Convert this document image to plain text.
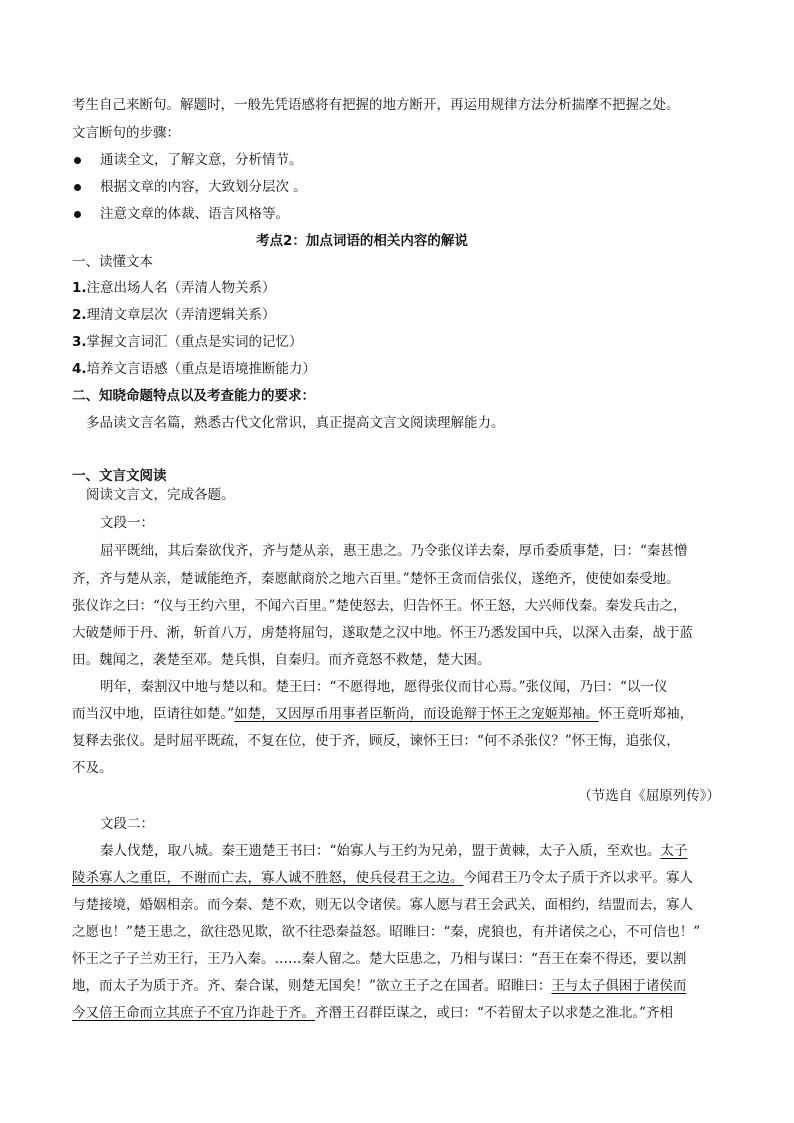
考生自己来断句。解题时，一般先凭语感将有把握的地方断开，再运用规律方法分析揣摩不把握之处。
文言断句的步骤：
通读全文，了解文意，分析情节。
根据文章的内容，大致划分层次 。
注意文章的体裁、语言风格等。
考点2：加点词语的相关内容的解说
一、读懂文本
1.注意出场人名（弄清人物关系）
2.理清文章层次（弄清逻辑关系）
3.掌握文言词汇（重点是实词的记忆）
4.培养文言语感（重点是语境推断能力）
二、知晓命题特点以及考查能力的要求：
多品读文言名篇，熟悉古代文化常识，真正提高文言文阅读理解能力。
一、文言文阅读
阅读文言文，完成各题。
文段一：
屈平既绌，其后秦欲伐齐，齐与楚从亲，惠王患之。乃令张仪详去秦，厚币委质事楚，曰：“秦甚憎
齐，齐与楚从亲，楚诚能绝齐，秦愿献商於之地六百里。”楚怀王贪而信张仪，遂绝齐，使使如秦受地。
张仪诈之曰：“仪与王约六里，不闻六百里。”楚使怒去，归告怀王。怀王怒，大兴师伐秦。秦发兵击之，
大破楚师于丹、淅，斩首八万，虏楚将屈匄，遂取楚之汉中地。怀王乃悉发国中兵，以深入击秦，战于蓝
田。魏闻之，袭楚至邓。楚兵惧，自秦归。而齐竟怒不救楚，楚大困。
明年，秦割汉中地与楚以和。楚王曰：“不愿得地，愿得张仪而甘心焉。”张仪闻，乃曰：“以一仪
而当汉中地，臣请往如楚。”如楚，又因厚币用事者臣靳尚，而设诡辩于怀王之宠姬郑袖。怀王竟听郑袖，
复释去张仪。是时屈平既疏，不复在位，使于齐，顾反，谏怀王曰：“何不杀张仪？”怀王悔，追张仪，
不及。
（节选自《屈原列传》）
文段二：
秦人伐楚，取八城。秦王遗楚王书曰：“始寡人与王约为兄弟，盟于黄棘，太子入质，至欢也。太子
陵杀寡人之重臣，不谢而亡去，寡人诚不胜怒，使兵侵君王之边。今闻君王乃令太子质于齐以求平。寡人
与楚接境，婚姻相亲。而今秦、楚不欢，则无以令诸侯。寡人愿与君王会武关，面相约，结盟而去，寡人
之愿也！”楚王患之，欲往恐见欺，欲不往恐秦益怒。昭睢曰：“秦，虎狼也，有并诸侯之心，不可信也！”
怀王之子子兰劝王行，王乃入秦。……秦人留之。楚大臣患之，乃相与谋曰：“吾王在秦不得还，要以割
地，而太子为质于齐。齐、秦合谋，则楚无国矣！”欲立王子之在国者。昭睢曰：王与太子俱困于诸侯而
今又倍王命而立其庶子不宜乃诈赴于齐。齐湣王召群臣谋之，或曰：“不若留太子以求楚之淮北。”齐相
